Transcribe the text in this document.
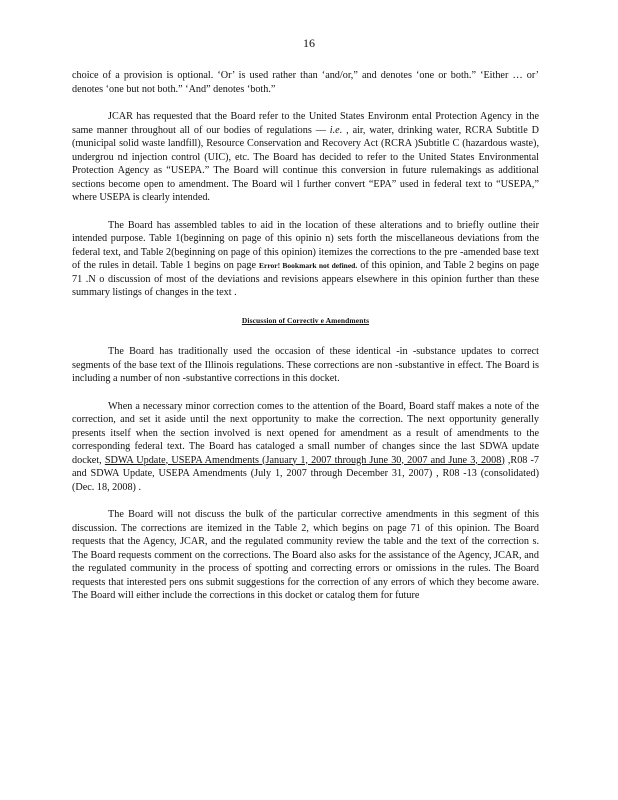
16

choice of a provision is optional. ‘Or’ is used rather than ‘and/or,” and denotes ‘one or both.” ‘Either … or’ denotes ‘one but not both.” ‘And” denotes ‘both.”

JCAR has requested that the Board refer to the United States Environm ental Protection Agency in the same manner throughout all of our bodies of regulations — i.e. , air, water, drinking water, RCRA Subtitle D (municipal solid waste landfill), Resource Conservation and Recovery Act (RCRA )Subtitle C (hazardous waste), undergrou nd injection control (UIC), etc. The Board has decided to refer to the United States Environmental Protection Agency as “USEPA.” The Board will continue this conversion in future rulemakings as additional sections become open to amendment. The Board wil l further convert “EPA” used in federal text to “USEPA,” where USEPA is clearly intended.

The Board has assembled tables to aid in the location of these alterations and to briefly outline their intended purpose. Table 1(beginning on page of this opinio n) sets forth the miscellaneous deviations from the federal text, and Table 2(beginning on page of this opinion) itemizes the corrections to the pre -amended base text of the rules in detail. Table 1 begins on page Error! Bookmark not defined. of this opinion, and Table 2 begins on page 71 .N o discussion of most of the deviations and revisions appears elsewhere in this opinion further than these summary listings of changes in the text .

Discussion of Correctiv e Amendments

The Board has traditionally used the occasion of these identical -in -substance updates to correct segments of the base text of the Illinois regulations. These corrections are non -substantive in effect. The Board is including a number of non -substantive corrections in this docket.

When a necessary minor correction comes to the attention of the Board, Board staff makes a note of the correction, and set it aside until the next opportunity to make the correction. The next opportunity generally presents itself when the section involved is next opened for amendment as a result of amendments to the corresponding federal text. The Board has cataloged a small number of changes since the last SDWA update docket, SDWA Update, USEPA Amendments (January 1, 2007 through June 30, 2007 and June 3, 2008) ,R08 -7 and SDWA Update, USEPA Amendments (July 1, 2007 through December 31, 2007) , R08 -13 (consolidated) (Dec. 18, 2008) .

The Board will not discuss the bulk of the particular corrective amendments in this segment of this discussion. The corrections are itemized in the Table 2, which begins on page 71 of this opinion. The Board requests that the Agency, JCAR, and the regulated community review the table and the text of the correction s. The Board requests comment on the corrections. The Board also asks for the assistance of the Agency, JCAR, and the regulated community in the process of spotting and correcting errors or omissions in the rules. The Board requests that interested pers ons submit suggestions for the correction of any errors of which they become aware. The Board will either include the corrections in this docket or catalog them for future
